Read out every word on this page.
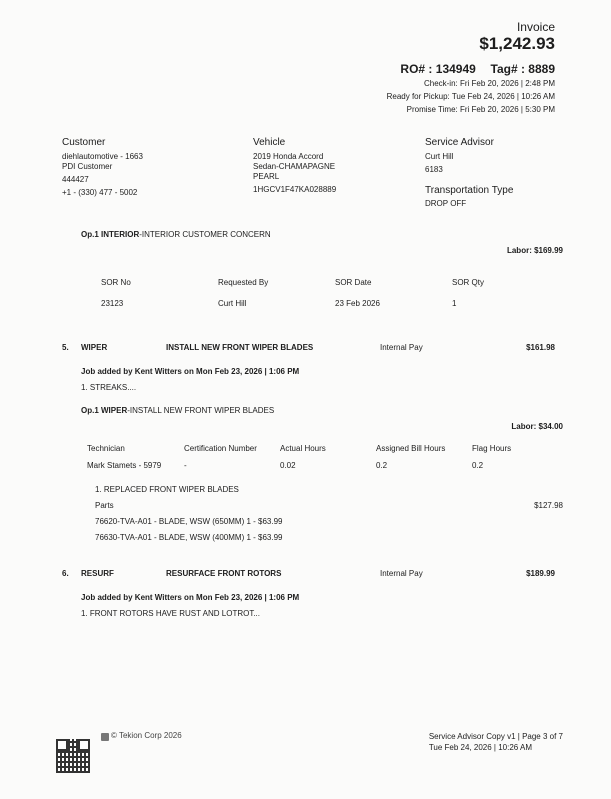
Invoice
$1,242.93
RO# : 134949 Tag# : 8889
Check-in: Fri Feb 20, 2026 | 2:48 PM
Ready for Pickup: Tue Feb 24, 2026 | 10:26 AM
Promise Time: Fri Feb 20, 2026 | 5:30 PM
Customer
diehlautomotive - 1663
PDI Customer
444427
+1 - (330) 477 - 5002
Vehicle
2019 Honda Accord
Sedan-CHAMAPAGNE
PEARL
1HGCV1F47KA028889
Service Advisor
Curt Hill
6183
Transportation Type
DROP OFF
Op.1 INTERIOR-INTERIOR CUSTOMER CONCERN
Labor: $169.99
SOR No	Requested By	SOR Date	SOR Qty
23123	Curt Hill	23 Feb 2026	1
5. WIPER	INSTALL NEW FRONT WIPER BLADES	Internal Pay	$161.98
Job added by Kent Witters on Mon Feb 23, 2026 | 1:06 PM
1. STREAKS....
Op.1 WIPER-INSTALL NEW FRONT WIPER BLADES
Labor: $34.00
Technician	Certification Number	Actual Hours	Assigned Bill Hours	Flag Hours
Mark Stamets - 5979	-	0.02	0.2	0.2
1. REPLACED FRONT WIPER BLADES
Parts	$127.98
76620-TVA-A01 - BLADE, WSW (650MM) 1 - $63.99
76630-TVA-A01 - BLADE, WSW (400MM) 1 - $63.99
6. RESURF	RESURFACE FRONT ROTORS	Internal Pay	$189.99
Job added by Kent Witters on Mon Feb 23, 2026 | 1:06 PM
1. FRONT ROTORS HAVE RUST AND LOTROT...
© Tekion Corp 2026	Service Advisor Copy v1 | Page 3 of 7
Tue Feb 24, 2026 | 10:26 AM
